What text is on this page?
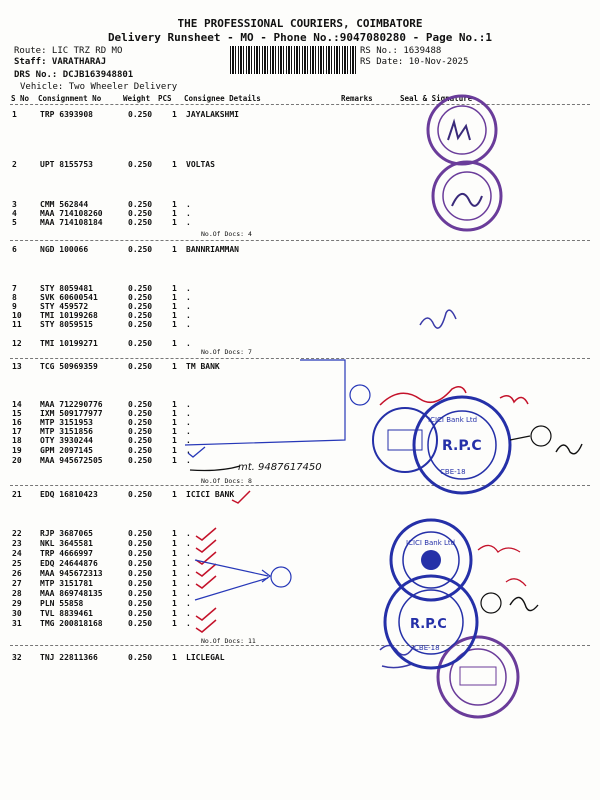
THE PROFESSIONAL COURIERS, COIMBATORE
Delivery Runsheet - MO - Phone No.:9047080280 - Page No.:1
Route: LIC TRZ RD MO
Staff: VARATHARAJ
DRS No.: DCJB163948801
Vehicle: Two Wheeler Delivery
RS No.: 1639488
RS Date: 10-Nov-2025
S No Consignment No	Weight PCS Consignee Details	Remarks	Seal & Signature
1	TRP 6393908	0.250 1 JAYALAKSHMI
2	UPT 8155753	0.250 1 VOLTAS
3	CMM 562844	0.250 1 .
4	MAA 714108260	0.250 1 .
5	MAA 714108184	0.250 1 .
6	NGD 100066	0.250 1 BANNRIAMMAN
7	STY 8059481	0.250 1 .
8	SVK 60600541	0.250 1 .
9	STY 459572	0.250 1 .
10 TMI 10199268	0.250 1 .
11 STY 8059515	0.250 1 .
12 TMI 10199271	0.250 1 .
13 TCG 50969359	0.250 1 TM BANK
14 MAA 712290776	0.250 1 .
15 IXM 509177977	0.250 1 .
16 MTP 3151953	0.250 1 .
17 MTP 3151856	0.250 1 .
18 OTY 3930244	0.250 1 .
19 GPM 2097145	0.250 1 .
20 MAA 945672505	0.250 1 .
21 EDQ 16810423	0.250 1 ICICI BANK
22 RJP 3687065	0.250 1 .
23 NKL 3645581	0.250 1 .
24 TRP 4666997	0.250 1 .
25 EDQ 24644876	0.250 1 .
26 MAA 945672313	0.250 1 .
27 MTP 3151781	0.250 1 .
28 MAA 869748135	0.250 1 .
29 PLN 55858	0.250 1 .
30 TVL 8839461	0.250 1 .
31 TMG 200818168	0.250 1 .
32 TNJ 22811366	0.250 1 LICLEGAL
No.Of Docs: 4
No.Of Docs: 7
No.Of Docs: 8
No.Of Docs: 11
R.P.C
ICICI Bank Ltd
CBE-18
R.P.C
CBE-18
ICICI Bank Ltd
mt. 9487617450
